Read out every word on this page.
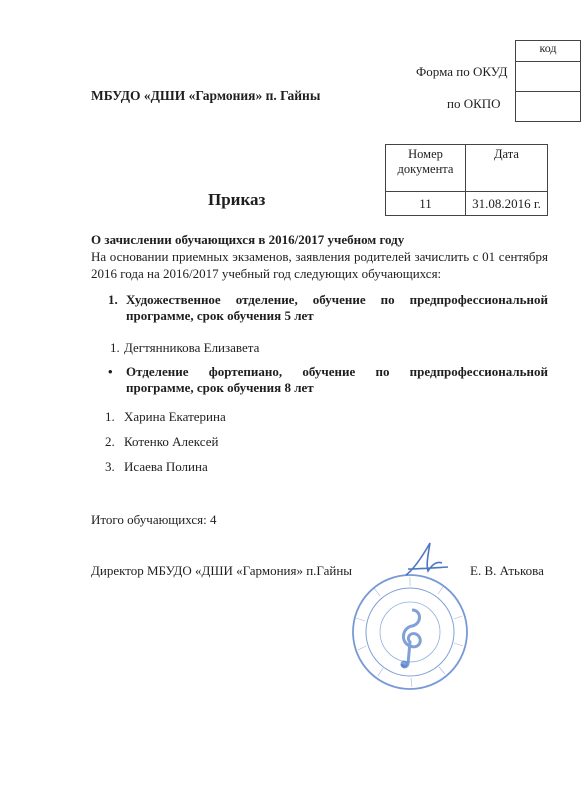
МБУДО «ДШИ «Гармония» п. Гайны
Форма по ОКУД
по ОКПО
код

Номер документа	Дата
11	31.08.2016 г.
Приказ
О зачислении обучающихся в 2016/2017 учебном году
На основании приемных экзаменов, заявления родителей зачислить с 01 сентября 2016 года на 2016/2017 учебный год следующих обучающихся:
1. Художественное отделение, обучение по предпрофессиональной программе, срок обучения 5 лет
1. Дегтянникова Елизавета
• Отделение фортепиано, обучение по предпрофессиональной программе, срок обучения 8 лет
1. Харина Екатерина
2. Котенко Алексей
3. Исаева Полина
Итого обучающихся: 4
Директор МБУДО «ДШИ «Гармония» п.Гайны	Е. В. Атькова
